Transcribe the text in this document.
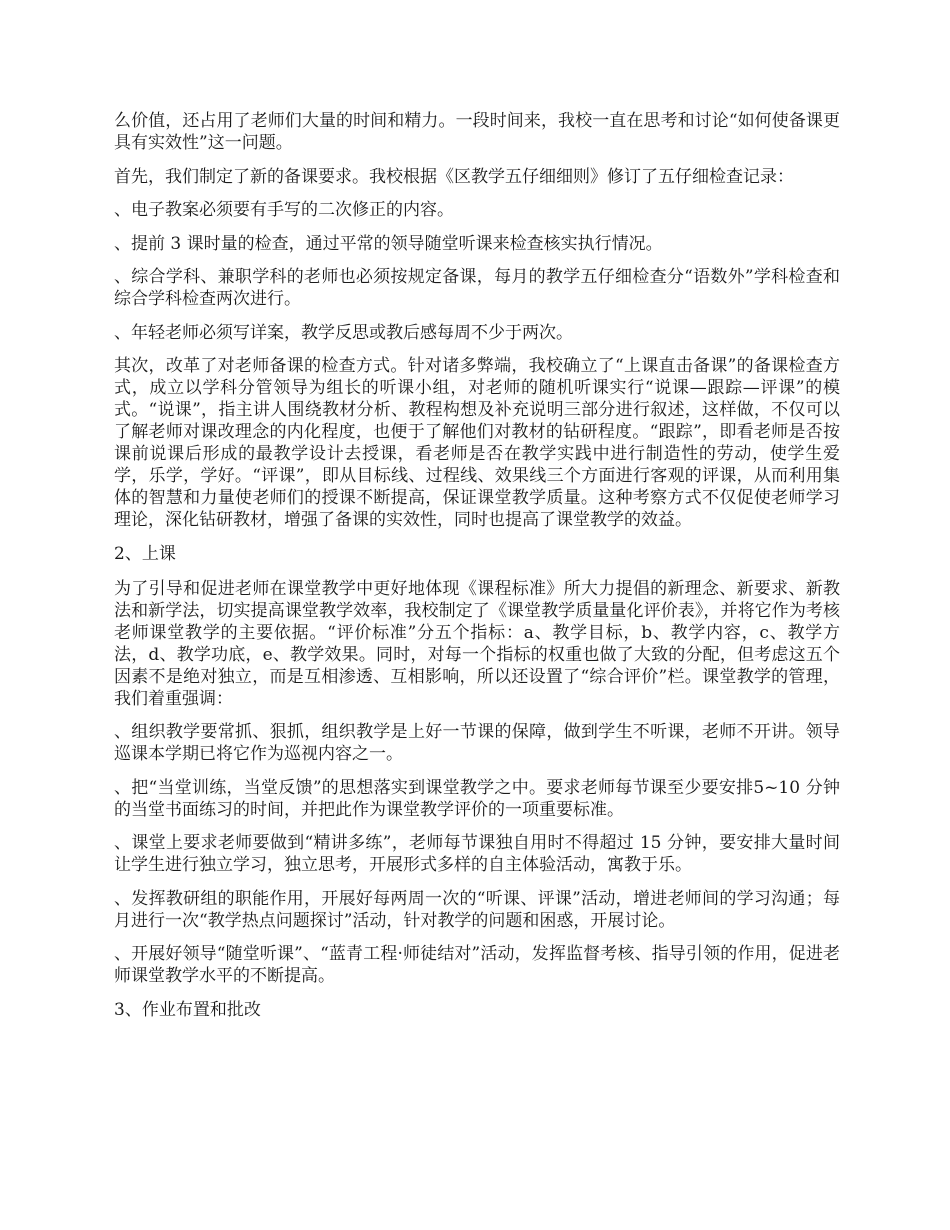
么价值，还占用了老师们大量的时间和精力。一段时间来，我校一直在思考和讨论“如何使备课更具有实效性”这一问题。

首先，我们制定了新的备课要求。我校根据《区教学五仔细细则》修订了五仔细检查记录：

、电子教案必须要有手写的二次修正的内容。

、提前 3 课时量的检查，通过平常的领导随堂听课来检查核实执行情况。

、综合学科、兼职学科的老师也必须按规定备课，每月的教学五仔细检查分“语数外”学科检查和综合学科检查两次进行。

、年轻老师必须写详案，教学反思或教后感每周不少于两次。

其次，改革了对老师备课的检查方式。针对诸多弊端，我校确立了“上课直击备课”的备课检查方式，成立以学科分管领导为组长的听课小组，对老师的随机听课实行“说课—跟踪—评课”的模式。“说课”，指主讲人围绕教材分析、教程构想及补充说明三部分进行叙述，这样做，不仅可以了解老师对课改理念的内化程度，也便于了解他们对教材的钻研程度。“跟踪”，即看老师是否按课前说课后形成的最教学设计去授课，看老师是否在教学实践中进行制造性的劳动，使学生爱学，乐学，学好。“评课”，即从目标线、过程线、效果线三个方面进行客观的评课，从而利用集体的智慧和力量使老师们的授课不断提高，保证课堂教学质量。这种考察方式不仅促使老师学习理论，深化钻研教材，增强了备课的实效性，同时也提高了课堂教学的效益。

2、上课

为了引导和促进老师在课堂教学中更好地体现《课程标准》所大力提倡的新理念、新要求、新教法和新学法，切实提高课堂教学效率，我校制定了《课堂教学质量量化评价表》，并将它作为考核老师课堂教学的主要依据。“评价标准”分五个指标：a、教学目标，b、教学内容，c、教学方法，d、教学功底，e、教学效果。同时，对每一个指标的权重也做了大致的分配，但考虑这五个因素不是绝对独立，而是互相渗透、互相影响，所以还设置了“综合评价”栏。课堂教学的管理，我们着重强调：

、组织教学要常抓、狠抓，组织教学是上好一节课的保障，做到学生不听课，老师不开讲。领导巡课本学期已将它作为巡视内容之一。

、把“当堂训练，当堂反馈”的思想落实到课堂教学之中。要求老师每节课至少要安排5~10 分钟的当堂书面练习的时间，并把此作为课堂教学评价的一项重要标准。

、课堂上要求老师要做到“精讲多练”，老师每节课独自用时不得超过 15 分钟，要安排大量时间让学生进行独立学习，独立思考，开展形式多样的自主体验活动，寓教于乐。

、发挥教研组的职能作用，开展好每两周一次的“听课、评课”活动，增进老师间的学习沟通；每月进行一次“教学热点问题探讨”活动，针对教学的问题和困惑，开展讨论。

、开展好领导“随堂听课”、“蓝青工程·师徒结对”活动，发挥监督考核、指导引领的作用，促进老师课堂教学水平的不断提高。

3、作业布置和批改
